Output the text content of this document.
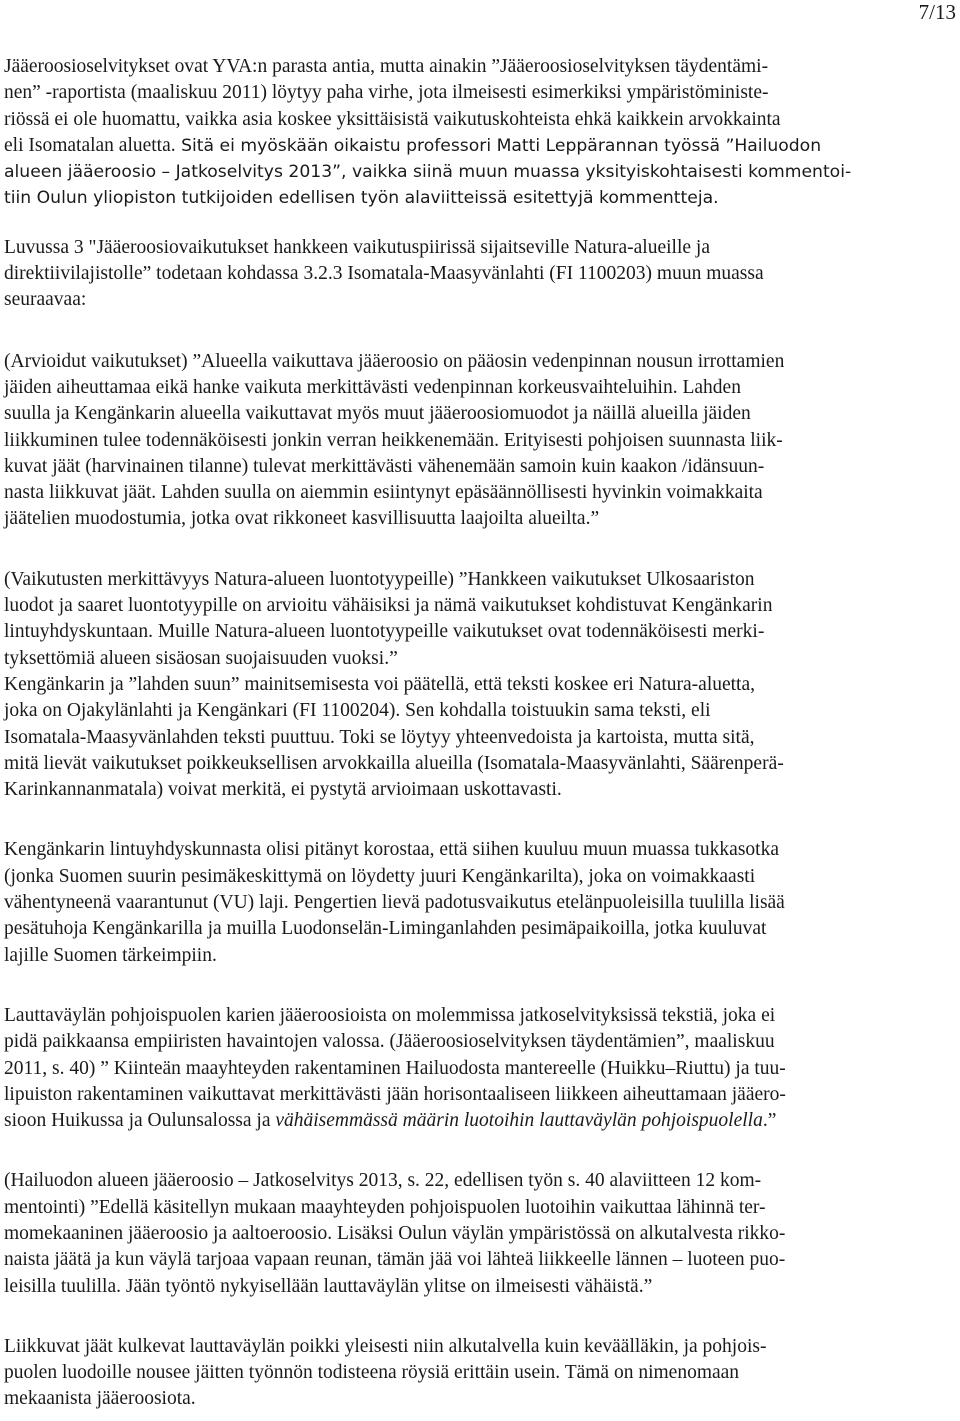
7/13

Jääeroosioselvitykset ovat YVA:n parasta antia, mutta ainakin ”Jääeroosioselvityksen täydentämi-
nen” -raportista (maaliskuu 2011) löytyy paha virhe, jota ilmeisesti esimerkiksi ympäristöministe-
riössä ei ole huomattu, vaikka asia koskee yksittäisistä vaikutuskohteista ehkä kaikkein arvokkainta
eli Isomatalan aluetta. Sitä ei myöskään oikaistu professori Matti Leppärannan työssä ”Hailuodon
alueen jääeroosio – Jatkoselvitys 2013”, vaikka siinä muun muassa yksityiskohtaisesti kommentoi-
tiin Oulun yliopiston tutkijoiden edellisen työn alaviitteissä esitettyjä kommentteja.

Luvussa 3 "Jääeroosiovaikutukset hankkeen vaikutuspiirissä sijaitseville Natura-alueille ja
direktiivilajistolle” todetaan kohdassa 3.2.3 Isomatala-Maasyvänlahti (FI 1100203) muun muassa
seuraavaa:

(Arvioidut vaikutukset) ”Alueella vaikuttava jääeroosio on pääosin vedenpinnan nousun irrottamien
jäiden aiheuttamaa eikä hanke vaikuta merkittävästi vedenpinnan korkeusvaihteluihin. Lahden
suulla ja Kengänkarin alueella vaikuttavat myös muut jääeroosiomuodot ja näillä alueilla jäiden
liikkuminen tulee todennäköisesti jonkin verran heikkenemään. Erityisesti pohjoisen suunnasta liik-
kuvat jäät (harvinainen tilanne) tulevat merkittävästi vähenemään samoin kuin kaakon /idänsuun-
nasta liikkuvat jäät. Lahden suulla on aiemmin esiintynyt epäsäännöllisesti hyvinkin voimakkaita
jäätelien muodostumia, jotka ovat rikkoneet kasvillisuutta laajoilta alueilta.”

(Vaikutusten merkittävyys Natura-alueen luontotyypeille) ”Hankkeen vaikutukset Ulkosaariston
luodot ja saaret luontotyypille on arvioitu vähäisiksi ja nämä vaikutukset kohdistuvat Kengänkarin
lintuyhdyskuntaan. Muille Natura-alueen luontotyypeille vaikutukset ovat todennäköisesti merki-
tyksettömiä alueen sisäosan suojaisuuden vuoksi.”

Kengänkarin ja ”lahden suun” mainitsemisesta voi päätellä, että teksti koskee eri Natura-aluetta,
joka on Ojakylänlahti ja Kengänkari (FI 1100204). Sen kohdalla toistuukin sama teksti, eli
Isomatala-Maasyvänlahden teksti puuttuu. Toki se löytyy yhteenvedoista ja kartoista, mutta sitä,
mitä lievät vaikutukset poikkeuksellisen arvokkailla alueilla (Isomatala-Maasyvänlahti, Säärenperä-
Karinkannanmatala) voivat merkitä, ei pystytä arvioimaan uskottavasti.

Kengänkarin lintuyhdyskunnasta olisi pitänyt korostaa, että siihen kuuluu muun muassa tukkasotka
(jonka Suomen suurin pesimäkeskittymä on löydetty juuri Kengänkarilta), joka on voimakkaasti
vähentyneenä vaarantunut (VU) laji. Pengertien lievä padotusvaikutus etelänpuoleisilla tuulilla lisää
pesätuhoja Kengänkarilla ja muilla Luodonselän-Liminganlahden pesimäpaikoilla, jotka kuuluvat
lajille Suomen tärkeimpiin.

Lauttaväylän pohjoispuolen karien jääeroosioista on molemmissa jatkoselvityksissä tekstiä, joka ei
pidä paikkaansa empiiristen havaintojen valossa. (Jääeroosioselvityksen täydentämien”, maaliskuu
2011, s. 40) ” Kiinteän maayhteyden rakentaminen Hailuodosta mantereelle (Huikku–Riuttu) ja tuu-
lipuiston rakentaminen vaikuttavat merkittävästi jään horisontaaliseen liikkeen aiheuttamaan jääero-
sioon Huikussa ja Oulunsalossa ja vähäisemmässä määrin luotoihin lauttaväylän pohjoispuolella.”

(Hailuodon alueen jääeroosio – Jatkoselvitys 2013, s. 22, edellisen työn s. 40 alaviitteen 12 kom-
mentointi) ”Edellä käsitellyn mukaan maayhteyden pohjoispuolen luotoihin vaikuttaa lähinnä ter-
momekaaninen jääeroosio ja aaltoeroosio. Lisäksi Oulun väylän ympäristössä on alkutalvesta rikko-
naista jäätä ja kun väylä tarjoaa vapaan reunan, tämän jää voi lähteä liikkeelle lännen – luoteen puo-
leisilla tuulilla. Jään työntö nykyisellään lauttaväylän ylitse on ilmeisesti vähäistä.”

Liikkuvat jäät kulkevat lauttaväylän poikki yleisesti niin alkutalvella kuin keväälläkin, ja pohjois-
puolen luodoille nousee jäitten työnnön todisteena röysiä erittäin usein. Tämä on nimenomaan
mekaanista jääeroosiota.
